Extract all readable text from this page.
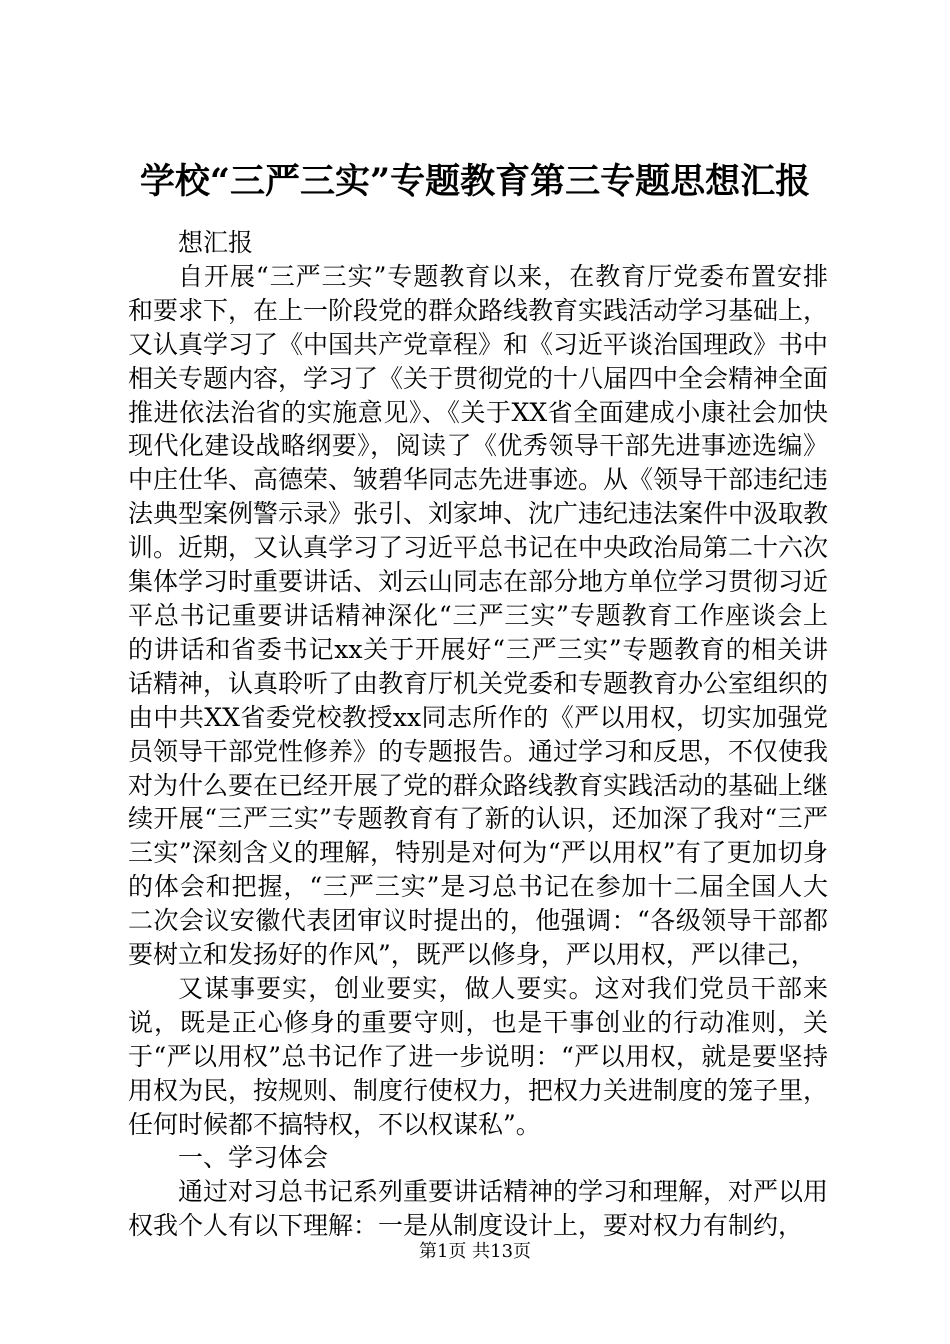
学校“三严三实”专题教育第三专题思想汇报

想汇报

自开展“三严三实”专题教育以来，在教育厅党委布置安排和要求下，在上一阶段党的群众路线教育实践活动学习基础上，又认真学习了《中国共产党章程》和《习近平谈治国理政》书中相关专题内容，学习了《关于贯彻党的十八届四中全会精神全面推进依法治省的实施意见》、《关于XX省全面建成小康社会加快现代化建设战略纲要》，阅读了《优秀领导干部先进事迹选编》中庄仕华、高德荣、皱碧华同志先进事迹。从《领导干部违纪违法典型案例警示录》张引、刘家坤、沈广违纪违法案件中汲取教训。近期，又认真学习了习近平总书记在中央政治局第二十六次集体学习时重要讲话、刘云山同志在部分地方单位学习贯彻习近平总书记重要讲话精神深化“三严三实”专题教育工作座谈会上的讲话和省委书记xx关于开展好“三严三实”专题教育的相关讲话精神，认真聆听了由教育厅机关党委和专题教育办公室组织的由中共XX省委党校教授xx同志所作的《严以用权，切实加强党员领导干部党性修养》的专题报告。通过学习和反思，不仅使我对为什么要在已经开展了党的群众路线教育实践活动的基础上继续开展“三严三实”专题教育有了新的认识，还加深了我对“三严三实”深刻含义的理解，特别是对何为“严以用权”有了更加切身的体会和把握，“三严三实”是习总书记在参加十二届全国人大二次会议安徽代表团审议时提出的，他强调：“各级领导干部都要树立和发扬好的作风”，既严以修身，严以用权，严以律己，

又谋事要实，创业要实，做人要实。这对我们党员干部来说，既是正心修身的重要守则，也是干事创业的行动准则，关于“严以用权”总书记作了进一步说明：“严以用权，就是要坚持用权为民，按规则、制度行使权力，把权力关进制度的笼子里，任何时候都不搞特权，不以权谋私”。

一、学习体会

通过对习总书记系列重要讲话精神的学习和理解，对严以用权我个人有以下理解：一是从制度设计上，要对权力有制约，

第1页 共13页
